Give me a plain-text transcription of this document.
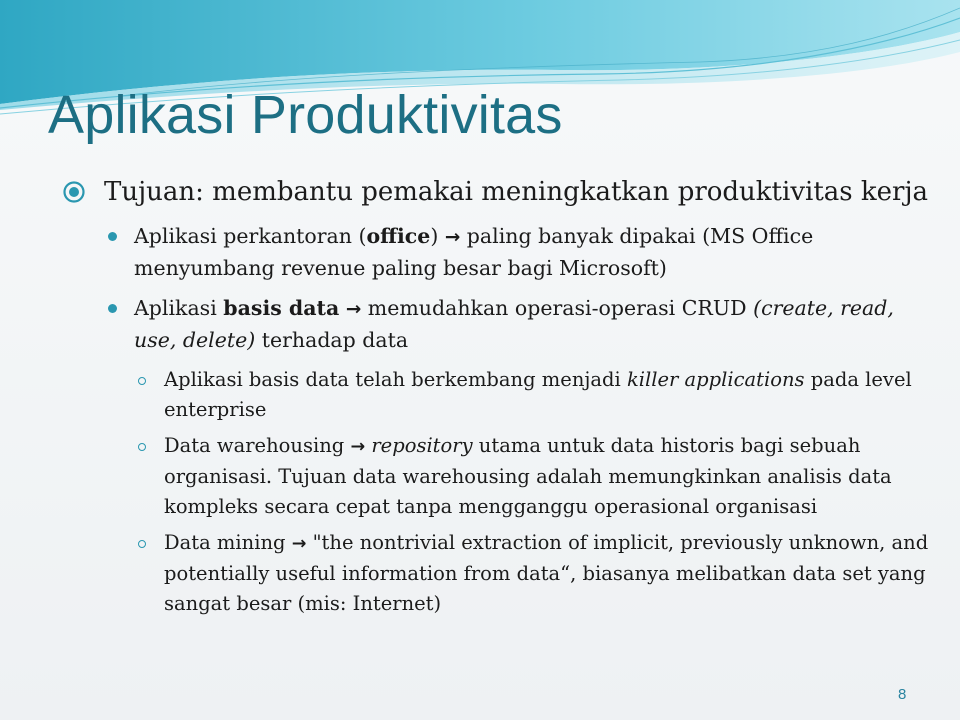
Aplikasi Produktivitas
Tujuan: membantu pemakai meningkatkan produktivitas kerja
Aplikasi perkantoran (office) → paling banyak dipakai (MS Office menyumbang revenue paling besar bagi Microsoft)
Aplikasi basis data → memudahkan operasi-operasi CRUD (create, read, use, delete) terhadap data
Aplikasi basis data telah berkembang menjadi killer applications pada level enterprise
Data warehousing → repository utama untuk data historis bagi sebuah organisasi. Tujuan data warehousing adalah memungkinkan analisis data kompleks secara cepat tanpa mengganggu operasional organisasi
Data mining → "the nontrivial extraction of implicit, previously unknown, and potentially useful information from data“, biasanya melibatkan data set yang sangat besar (mis: Internet)
8
